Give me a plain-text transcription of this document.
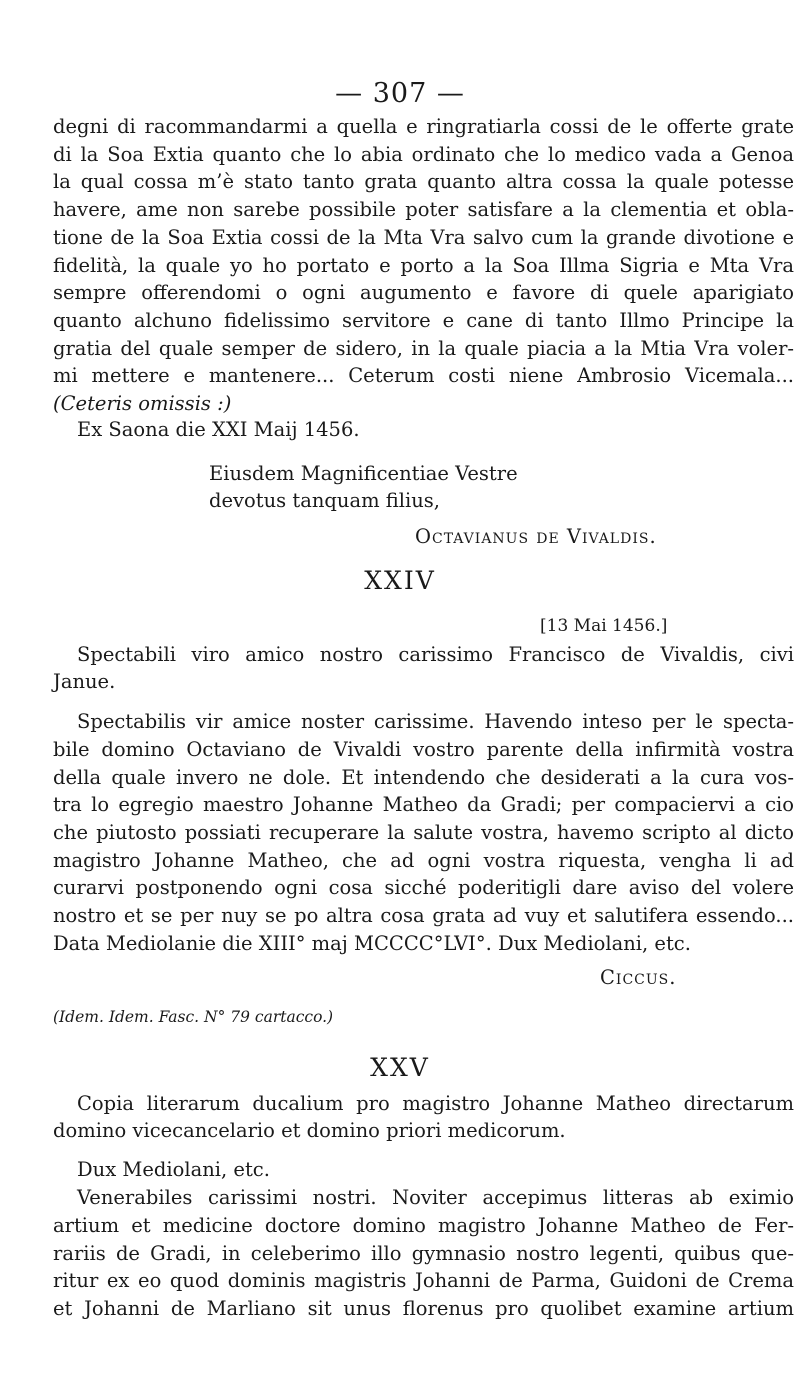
— 307 —
degni di racommandarmi a quella e ringratiarla cossi de le offerte grate
di la Soa Extia quanto che lo abia ordinato che lo medico vada a Genoa
la qual cossa m’è stato tanto grata quanto altra cossa la quale potesse
havere, ame non sarebe possibile poter satisfare a la clementia et obla-
tione de la Soa Extia cossi de la Mta Vra salvo cum la grande divotione e
fidelità, la quale yo ho portato e porto a la Soa Illma Sigria e Mta Vra
sempre offerendomi o ogni augumento e favore di quele aparigiato
quanto alchuno fidelissimo servitore e cane di tanto Illmo Principe la
gratia del quale semper de sidero, in la quale piacia a la Mtia Vra voler-
mi mettere e mantenere... Ceterum costi niene Ambrosio Vicemala...
(Ceteris omissis :)
Ex Saona die XXI Maij 1456.
Eiusdem Magnificentiae Vestre
devotus tanquam filius,
Octavianus de Vivaldis.
XXIV
[13 Mai 1456.]
Spectabili viro amico nostro carissimo Francisco de Vivaldis, civi
Janue.
Spectabilis vir amice noster carissime. Havendo inteso per le specta-
bile domino Octaviano de Vivaldi vostro parente della infirmità vostra
della quale invero ne dole. Et intendendo che desiderati a la cura vos-
tra lo egregio maestro Johanne Matheo da Gradi; per compaciervi a cio
che piutosto possiati recuperare la salute vostra, havemo scripto al dicto
magistro Johanne Matheo, che ad ogni vostra riquesta, vengha li ad
curarvi postponendo ogni cosa sicché poderitigli dare aviso del volere
nostro et se per nuy se po altra cosa grata ad vuy et salutifera essendo...
Data Mediolanie die XIII° maj MCCCC°LVI°. Dux Mediolani, etc.
Ciccus.
(Idem. Idem. Fasc. N° 79 cartacco.)
XXV
Copia literarum ducalium pro magistro Johanne Matheo directarum
domino vicecancelario et domino priori medicorum.
Dux Mediolani, etc.
Venerabiles carissimi nostri. Noviter accepimus litteras ab eximio
artium et medicine doctore domino magistro Johanne Matheo de Fer-
rariis de Gradi, in celeberimo illo gymnasio nostro legenti, quibus que-
ritur ex eo quod dominis magistris Johanni de Parma, Guidoni de Crema
et Johanni de Marliano sit unus florenus pro quolibet examine artium
